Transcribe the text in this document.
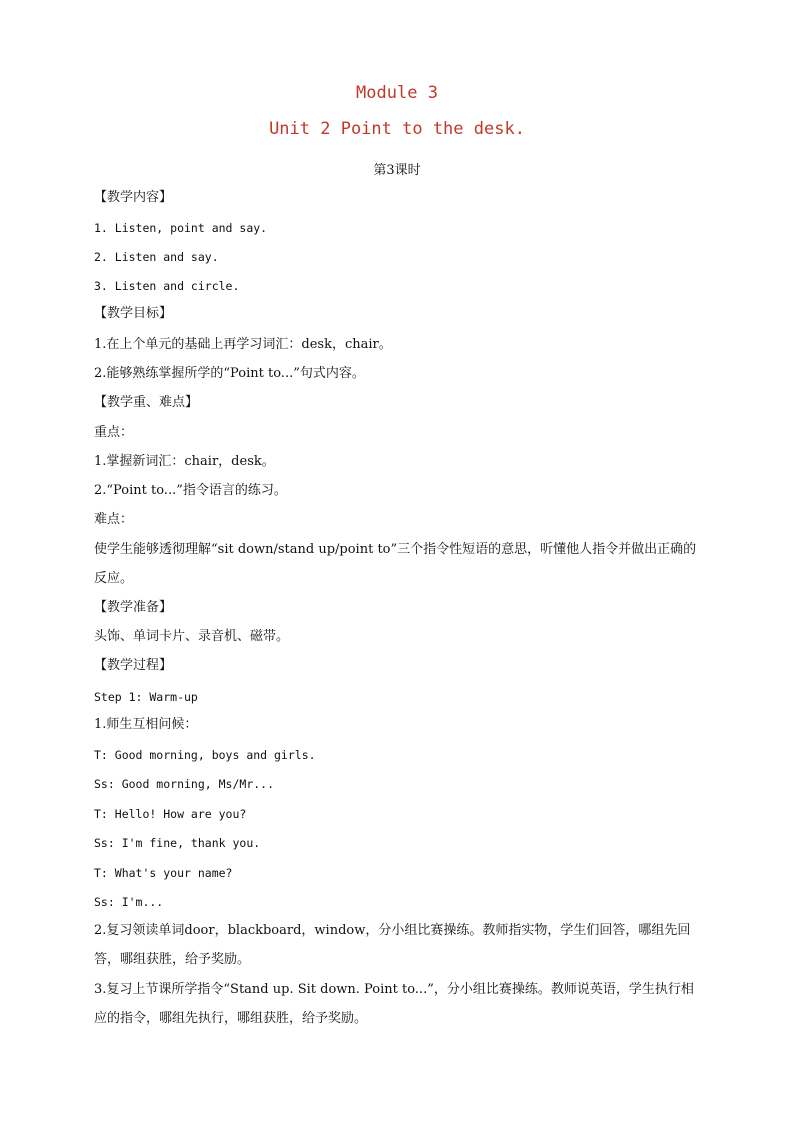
Module 3
Unit 2 Point to the desk.
第3课时
【教学内容】
1. Listen, point and say.
2. Listen and say.
3. Listen and circle.
【教学目标】
1.在上个单元的基础上再学习词汇：desk，chair。
2.能够熟练掌握所学的“Point to...”句式内容。
【教学重、难点】
重点：
1.掌握新词汇：chair，desk。
2.“Point to...”指令语言的练习。
难点：
使学生能够透彻理解“sit down/stand up/point to”三个指令性短语的意思，听懂他人指令并做出正确的反应。
【教学准备】
头饰、单词卡片、录音机、磁带。
【教学过程】
Step 1: Warm-up
1.师生互相问候：
T: Good morning, boys and girls.
Ss: Good morning, Ms/Mr...
T: Hello! How are you?
Ss: I'm fine, thank you.
T: What's your name?
Ss: I'm...
2.复习领读单词door，blackboard，window，分小组比赛操练。教师指实物，学生们回答，哪组先回答，哪组获胜，给予奖励。
3.复习上节课所学指令“Stand up. Sit down. Point to...”，分小组比赛操练。教师说英语，学生执行相应的指令，哪组先执行，哪组获胜，给予奖励。
